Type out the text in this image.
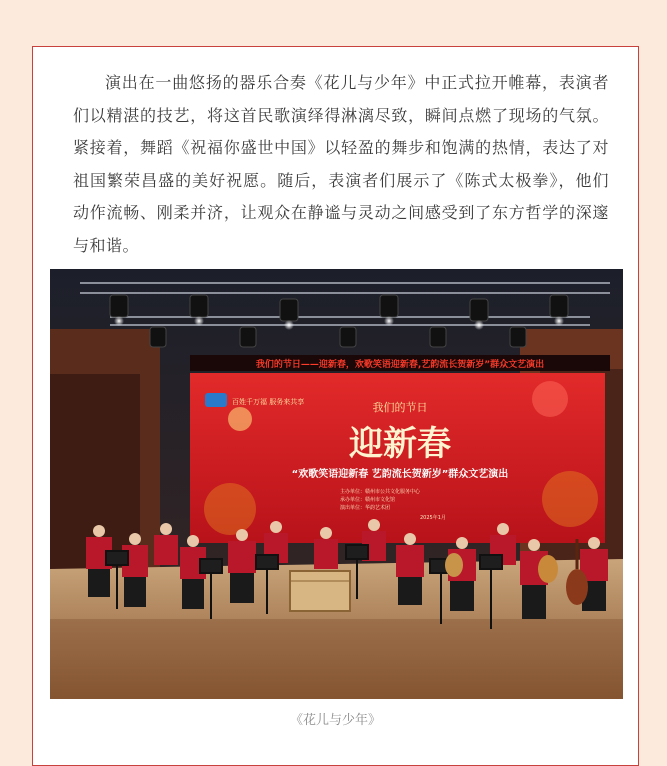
演出在一曲悠扬的器乐合奏《花儿与少年》中正式拉开帷幕，表演者们以精湛的技艺，将这首民歌演绎得淋漓尽致，瞬间点燃了现场的气氛。紧接着，舞蹈《祝福你盛世中国》以轻盈的舞步和饱满的热情，表达了对祖国繁荣昌盛的美好祝愿。随后，表演者们展示了《陈式太极拳》，他们动作流畅、刚柔并济，让观众在静谧与灵动之间感受到了东方哲学的深邃与和谐。

我们的节日——迎新春，欢歌笑语迎新春,艺韵流长贺新岁”群众文艺演出
百姓千万福 服务来共享	我们的节日
迎新春
“欢歌笑语迎新春 艺韵流长贺新岁”群众文艺演出
主办单位：赣州市公共文化服务中心
承办单位：赣州市文化馆
演出单位：华韵艺术团
2025年1月
《花儿与少年》
